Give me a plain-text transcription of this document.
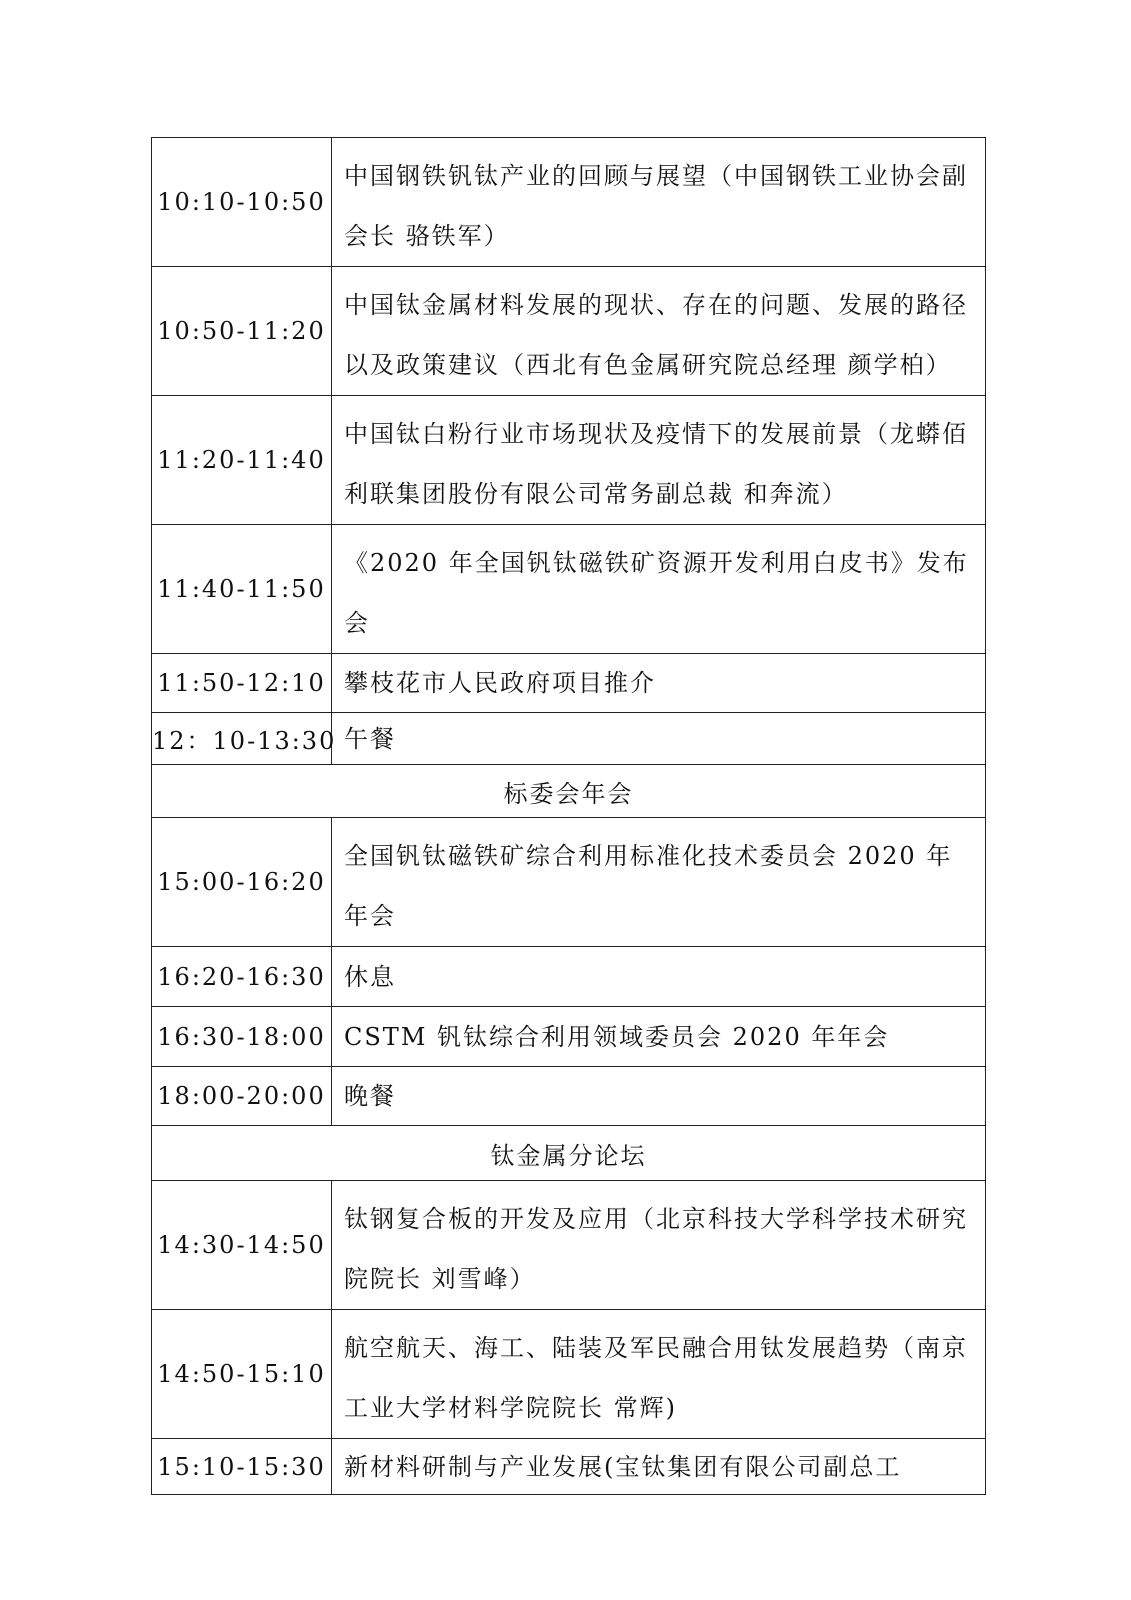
10:10-10:50	中国钢铁钒钛产业的回顾与展望（中国钢铁工业协会副会长 骆铁军）
10:50-11:20	中国钛金属材料发展的现状、存在的问题、发展的路径以及政策建议（西北有色金属研究院总经理 颜学柏）
11:20-11:40	中国钛白粉行业市场现状及疫情下的发展前景（龙蟒佰利联集团股份有限公司常务副总裁 和奔流）
11:40-11:50	《2020 年全国钒钛磁铁矿资源开发利用白皮书》发布会
11:50-12:10	攀枝花市人民政府项目推介
12：10-13:30	午餐
标委会年会	
15:00-16:20	全国钒钛磁铁矿综合利用标准化技术委员会 2020 年年会
16:20-16:30	休息
16:30-18:00	CSTM 钒钛综合利用领域委员会 2020 年年会
18:00-20:00	晚餐
钛金属分论坛	
14:30-14:50	钛钢复合板的开发及应用（北京科技大学科学技术研究院院长 刘雪峰）
14:50-15:10	航空航天、海工、陆装及军民融合用钛发展趋势（南京工业大学材料学院院长 常辉)
15:10-15:30	新材料研制与产业发展(宝钛集团有限公司副总工
